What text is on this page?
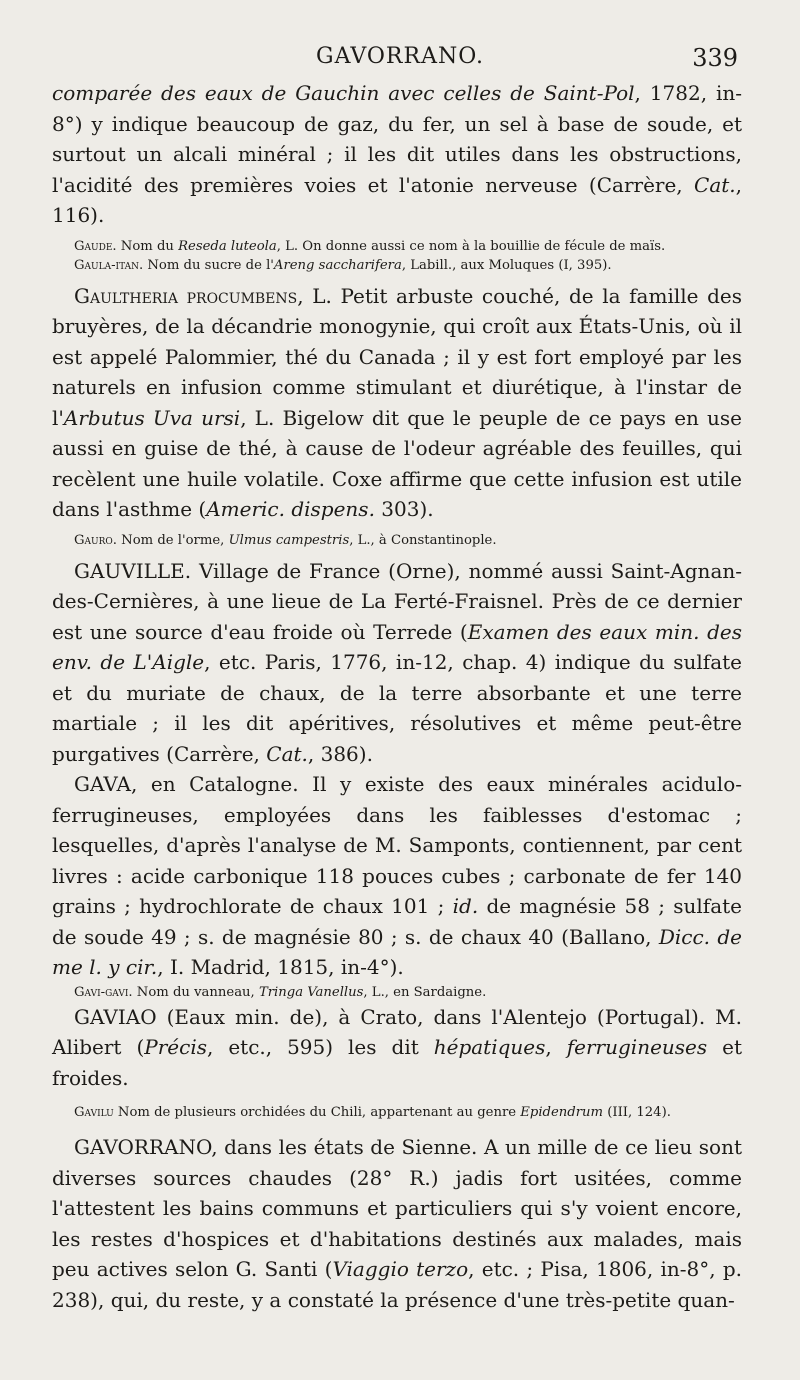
GAVORRANO.	339

comparée des eaux de Gauchin avec celles de Saint-Pol, 1782, in-8°) y indique beaucoup de gaz, du fer, un sel à base de soude, et surtout un alcali minéral ; il les dit utiles dans les obstructions, l'acidité des premières voies et l'atonie nerveuse (Carrère, Cat., 116).

Gaude. Nom du Reseda luteola, L. On donne aussi ce nom à la bouillie de fécule de maïs.

Gaula-itan. Nom du sucre de l'Areng saccharifera, Labill., aux Moluques (I, 395).

Gaultheria procumbens, L. Petit arbuste couché, de la famille des bruyères, de la décandrie monogynie, qui croît aux États-Unis, où il est appelé Palommier, thé du Canada ; il y est fort employé par les naturels en infusion comme stimulant et diurétique, à l'instar de l'Arbutus Uva ursi, L. Bigelow dit que le peuple de ce pays en use aussi en guise de thé, à cause de l'odeur agréable des feuilles, qui recèlent une huile volatile. Coxe affirme que cette infusion est utile dans l'asthme (Americ. dispens. 303).

Gauro. Nom de l'orme, Ulmus campestris, L., à Constantinople.

GAUVILLE. Village de France (Orne), nommé aussi Saint-Agnan-des-Cernières, à une lieue de La Ferté-Fraisnel. Près de ce dernier est une source d'eau froide où Terrede (Examen des eaux min. des env. de L'Aigle, etc. Paris, 1776, in-12, chap. 4) indique du sulfate et du muriate de chaux, de la terre absorbante et une terre martiale ; il les dit apéritives, résolutives et même peut-être purgatives (Carrère, Cat., 386).

GAVA, en Catalogne. Il y existe des eaux minérales acidulo-ferrugineuses, employées dans les faiblesses d'estomac ; lesquelles, d'après l'analyse de M. Samponts, contiennent, par cent livres : acide carbonique 118 pouces cubes ; carbonate de fer 140 grains ; hydrochlorate de chaux 101 ; id. de magnésie 58 ; sulfate de soude 49 ; s. de magnésie 80 ; s. de chaux 40 (Ballano, Dicc. de me l. y cir., I. Madrid, 1815, in-4°).

Gavi-gavi. Nom du vanneau, Tringa Vanellus, L., en Sardaigne.

GAVIAO (Eaux min. de), à Crato, dans l'Alentejo (Portugal). M. Alibert (Précis, etc., 595) les dit hépatiques, ferrugineuses et froides.

Gavilu Nom de plusieurs orchidées du Chili, appartenant au genre Epidendrum (III, 124).

GAVORRANO, dans les états de Sienne. A un mille de ce lieu sont diverses sources chaudes (28° R.) jadis fort usitées, comme l'attestent les bains communs et particuliers qui s'y voient encore, les restes d'hospices et d'habitations destinés aux malades, mais peu actives selon G. Santi (Viaggio terzo, etc. ; Pisa, 1806, in-8°, p. 238), qui, du reste, y a constaté la présence d'une très-petite quan-
